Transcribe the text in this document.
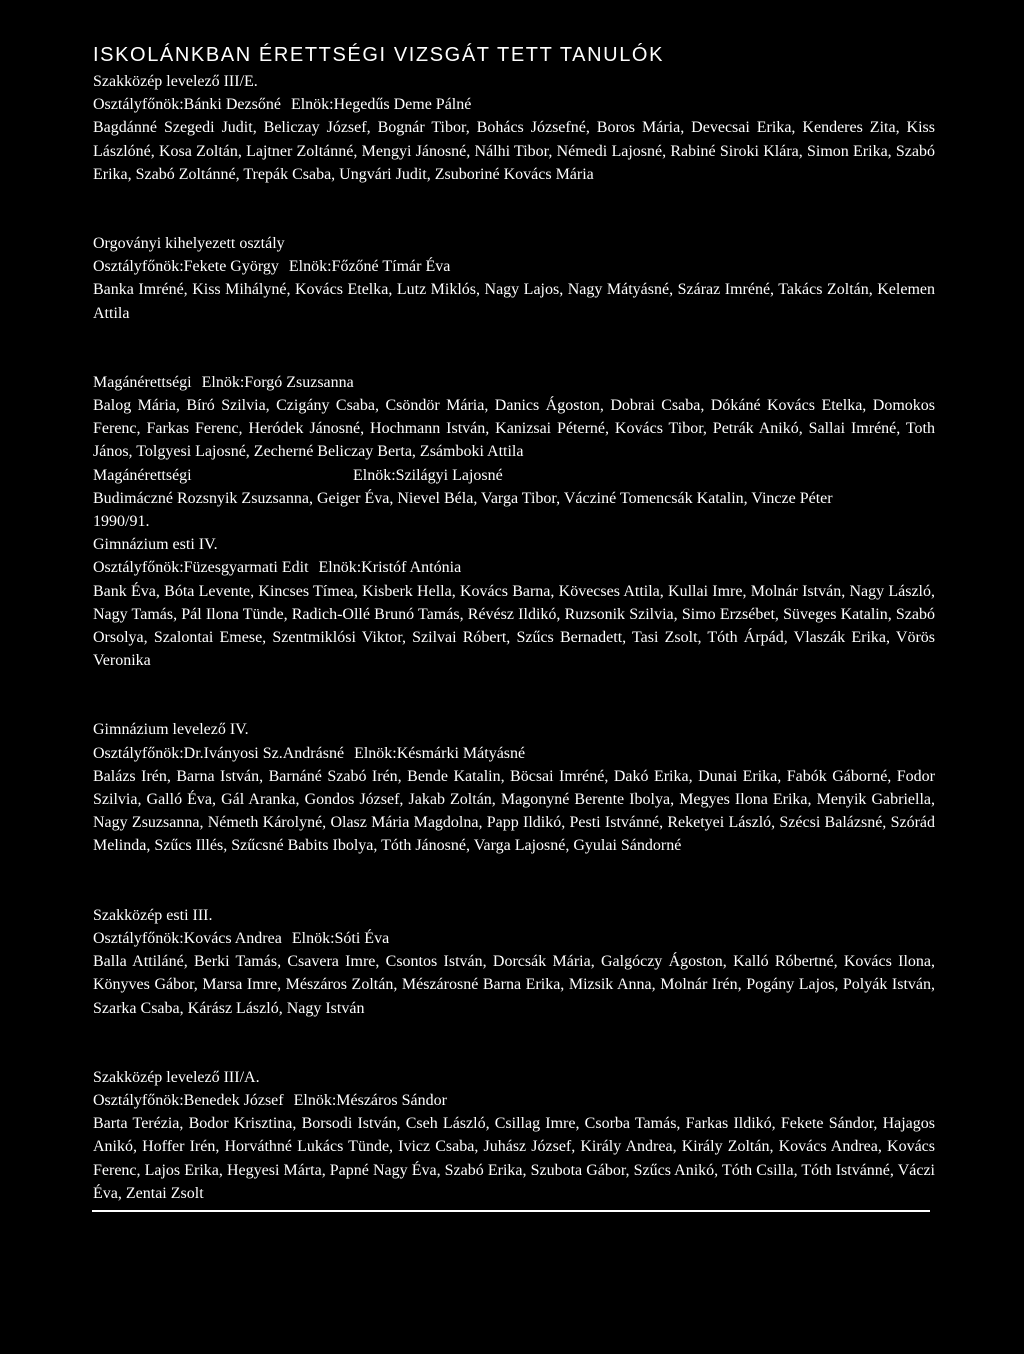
ISKOLÁNKBAN ÉRETTSÉGI VIZSGÁT TETT TANULÓK
Szakközép levelező III/E.
Osztályfőnök:Bánki Dezsőné Elnök:Hegedűs Deme Pálné
Bagdánné Szegedi Judit, Beliczay József, Bognár Tibor, Bohács Józsefné, Boros Mária, Devecsai Erika, Kenderes Zita, Kiss Lászlóné, Kosa Zoltán, Lajtner Zoltánné, Mengyi Jánosné, Nálhi Tibor, Némedi Lajosné, Rabiné Siroki Klára, Simon Erika, Szabó Erika, Szabó Zoltánné, Trepák Csaba, Ungvári Judit, Zsuboriné Kovács Mária
Orgoványi kihelyezett osztály
Osztályfőnök:Fekete György Elnök:Főzőné Tímár Éva
Banka Imréné, Kiss Mihályné, Kovács Etelka, Lutz Miklós, Nagy Lajos, Nagy Mátyásné, Száraz Imréné, Takács Zoltán, Kelemen Attila
Magánérettségi Elnök:Forgó Zsuzsanna
Balog Mária, Bíró Szilvia, Czigány Csaba, Csöndör Mária, Danics Ágoston, Dobrai Csaba, Dókáné Kovács Etelka, Domokos Ferenc, Farkas Ferenc, Heródek Jánosné, Hochmann István, Kanizsai Péterné, Kovács Tibor, Petrák Anikó, Sallai Imréné, Toth János, Tolgyesi Lajosné, Zecherné Beliczay Berta, Zsámboki Attila
Magánérettségi	Elnök:Szilágyi Lajosné
Budimáczné Rozsnyik Zsuzsanna, Geiger Éva, Nievel Béla, Varga Tibor, Vácziné Tomencsák Katalin, Vincze Péter
1990/91.
Gimnázium esti IV.
Osztályfőnök:Füzesgyarmati Edit Elnök:Kristóf Antónia
Bank Éva, Bóta Levente, Kincses Tímea, Kisberk Hella, Kovács Barna, Kövecses Attila, Kullai Imre, Molnár István, Nagy László, Nagy Tamás, Pál Ilona Tünde, Radich-Ollé Brunó Tamás, Révész Ildikó, Ruzsonik Szilvia, Simo Erzsébet, Süveges Katalin, Szabó Orsolya, Szalontai Emese, Szentmiklósi Viktor, Szilvai Róbert, Szűcs Bernadett, Tasi Zsolt, Tóth Árpád, Vlaszák Erika, Vörös Veronika
Gimnázium levelező IV.
Osztályfőnök:Dr.Iványosi Sz.Andrásné Elnök:Késmárki Mátyásné
Balázs Irén, Barna István, Barnáné Szabó Irén, Bende Katalin, Böcsai Imréné, Dakó Erika, Dunai Erika, Fabók Gáborné, Fodor Szilvia, Galló Éva, Gál Aranka, Gondos József, Jakab Zoltán, Magonyné Berente Ibolya, Megyes Ilona Erika, Menyik Gabriella, Nagy Zsuzsanna, Németh Károlyné, Olasz Mária Magdolna, Papp Ildikó, Pesti Istvánné, Reketyei László, Szécsi Balázsné, Szórád Melinda, Szűcs Illés, Szűcsné Babits Ibolya, Tóth Jánosné, Varga Lajosné, Gyulai Sándorné
Szakközép esti III.
Osztályfőnök:Kovács Andrea Elnök:Sóti Éva
Balla Attiláné, Berki Tamás, Csavera Imre, Csontos István, Dorcsák Mária, Galgóczy Ágoston, Kalló Róbertné, Kovács Ilona, Könyves Gábor, Marsa Imre, Mészáros Zoltán, Mészárosné Barna Erika, Mizsik Anna, Molnár Irén, Pogány Lajos, Polyák István, Szarka Csaba, Kárász László, Nagy István
Szakközép levelező III/A.
Osztályfőnök:Benedek József Elnök:Mészáros Sándor
Barta Terézia, Bodor Krisztina, Borsodi István, Cseh László, Csillag Imre, Csorba Tamás, Farkas Ildikó, Fekete Sándor, Hajagos Anikó, Hoffer Irén, Horváthné Lukács Tünde, Ivicz Csaba, Juhász József, Király Andrea, Király Zoltán, Kovács Andrea, Kovács Ferenc, Lajos Erika, Hegyesi Márta, Papné Nagy Éva, Szabó Erika, Szubota Gábor, Szűcs Anikó, Tóth Csilla, Tóth Istvánné, Váczi Éva, Zentai Zsolt
